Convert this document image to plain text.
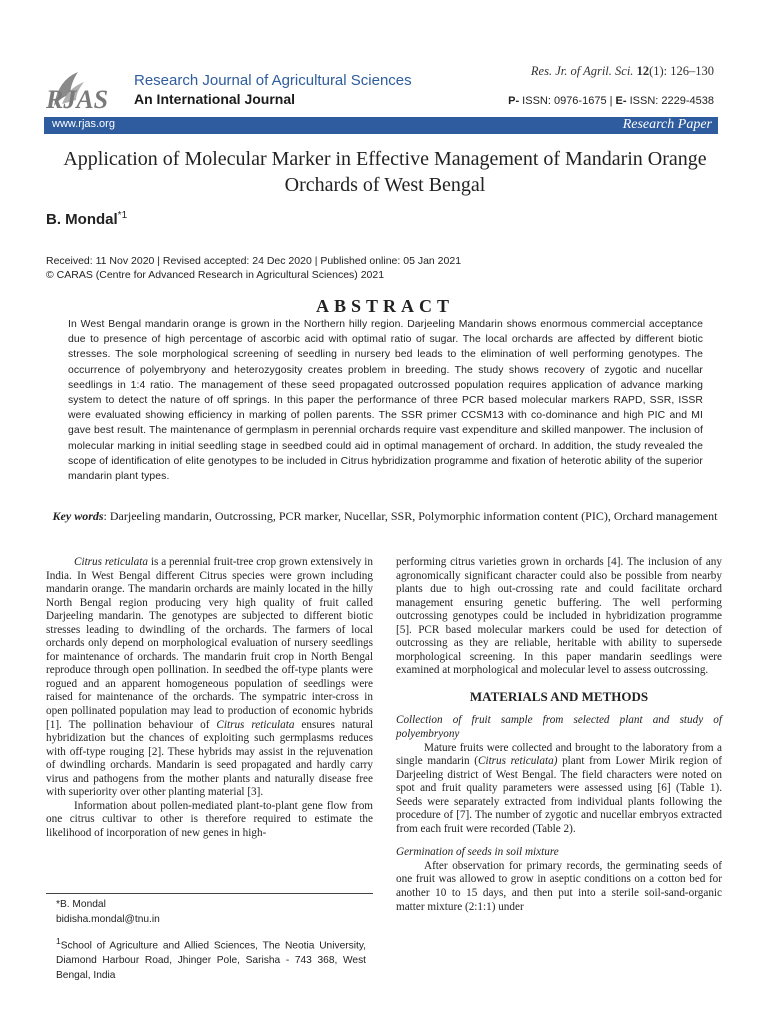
RJAS
Research Journal of Agricultural Sciences
An International Journal
Res. Jr. of Agril. Sci. 12(1): 126–130
P- ISSN: 0976-1675 | E- ISSN: 2229-4538
www.rjas.org	Research Paper
Application of Molecular Marker in Effective Management of Mandarin Orange Orchards of West Bengal
B. Mondal$^{*1}$
Received: 11 Nov 2020 | Revised accepted: 24 Dec 2020 | Published online: 05 Jan 2021
© CARAS (Centre for Advanced Research in Agricultural Sciences) 2021
ABSTRACT
In West Bengal mandarin orange is grown in the Northern hilly region. Darjeeling Mandarin shows enormous commercial acceptance due to presence of high percentage of ascorbic acid with optimal ratio of sugar. The local orchards are affected by different biotic stresses. The sole morphological screening of seedling in nursery bed leads to the elimination of well performing genotypes. The occurrence of polyembryony and heterozygosity creates problem in breeding. The study shows recovery of zygotic and nucellar seedlings in 1:4 ratio. The management of these seed propagated outcrossed population requires application of advance marking system to detect the nature of off springs. In this paper the performance of three PCR based molecular markers RAPD, SSR, ISSR were evaluated showing efficiency in marking of pollen parents. The SSR primer CCSM13 with co-dominance and high PIC and MI gave best result. The maintenance of germplasm in perennial orchards require vast expenditure and skilled manpower. The inclusion of molecular marking in initial seedling stage in seedbed could aid in optimal management of orchard. In addition, the study revealed the scope of identification of elite genotypes to be included in Citrus hybridization programme and fixation of heterotic ability of the superior mandarin plant types.
Key words: Darjeeling mandarin, Outcrossing, PCR marker, Nucellar, SSR, Polymorphic information content (PIC), Orchard management

Citrus reticulata is a perennial fruit-tree crop grown extensively in India. In West Bengal different Citrus species were grown including mandarin orange. The mandarin orchards are mainly located in the hilly North Bengal region producing very high quality of fruit called Darjeeling mandarin. The genotypes are subjected to different biotic stresses leading to dwindling of the orchards. The farmers of local orchards only depend on morphological evaluation of nursery seedlings for maintenance of orchards. The mandarin fruit crop in North Bengal reproduce through open pollination. In seedbed the off-type plants were rogued and an apparent homogeneous population of seedlings were raised for maintenance of the orchards. The sympatric inter-cross in open pollinated population may lead to production of economic hybrids [1]. The pollination behaviour of Citrus reticulata ensures natural hybridization but the chances of exploiting such germplasms reduces with off-type rouging [2]. These hybrids may assist in the rejuvenation of dwindling orchards. Mandarin is seed propagated and hardly carry virus and pathogens from the mother plants and naturally disease free with superiority over other planting material [3].

Information about pollen-mediated plant-to-plant gene flow from one citrus cultivar to other is therefore required to estimate the likelihood of incorporation of new genes in high-

*B. Mondal
bidisha.mondal@tnu.in
$^1$School of Agriculture and Allied Sciences, The Neotia University, Diamond Harbour Road, Jhinger Pole, Sarisha - 743 368, West Bengal, India

performing citrus varieties grown in orchards [4]. The inclusion of any agronomically significant character could also be possible from nearby plants due to high out-crossing rate and could facilitate orchard management ensuring genetic buffering. The well performing outcrossing genotypes could be included in hybridization programme [5]. PCR based molecular markers could be used for detection of outcrossing as they are reliable, heritable with ability to supersede morphological screening. In this paper mandarin seedlings were examined at morphological and molecular level to assess outcrossing.

MATERIALS AND METHODS

Collection of fruit sample from selected plant and study of polyembryony

Mature fruits were collected and brought to the laboratory from a single mandarin (Citrus reticulata) plant from Lower Mirik region of Darjeeling district of West Bengal. The field characters were noted on spot and fruit quality parameters were assessed using [6] (Table 1). Seeds were separately extracted from individual plants following the procedure of [7]. The number of zygotic and nucellar embryos extracted from each fruit were recorded (Table 2).

Germination of seeds in soil mixture

After observation for primary records, the germinating seeds of one fruit was allowed to grow in aseptic conditions on a cotton bed for another 10 to 15 days, and then put into a sterile soil-sand-organic matter mixture (2:1:1) under
